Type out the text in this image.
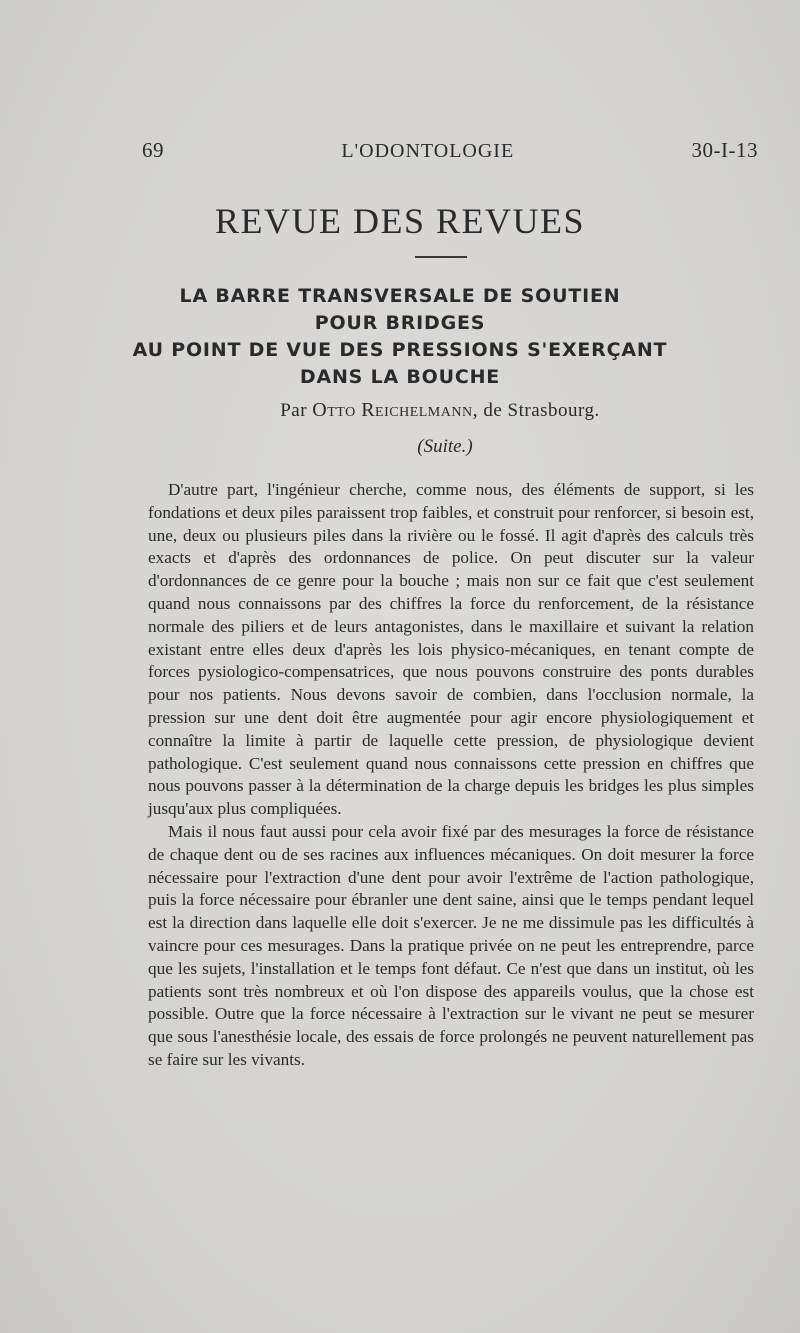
69	L'ODONTOLOGIE	30-I-13
REVUE DES REVUES
LA BARRE TRANSVERSALE DE SOUTIEN
POUR BRIDGES
AU POINT DE VUE DES PRESSIONS S'EXERÇANT
DANS LA BOUCHE
Par Otto Reichelmann, de Strasbourg.
(Suite.)

D'autre part, l'ingénieur cherche, comme nous, des éléments de support, si les fondations et deux piles paraissent trop faibles, et construit pour renforcer, si besoin est, une, deux ou plusieurs piles dans la rivière ou le fossé. Il agit d'après des calculs très exacts et d'après des ordonnances de police. On peut discuter sur la valeur d'ordonnances de ce genre pour la bouche ; mais non sur ce fait que c'est seulement quand nous connaissons par des chiffres la force du renforcement, de la résistance normale des piliers et de leurs antagonistes, dans le maxillaire et suivant la relation existant entre elles deux d'après les lois physico-mécaniques, en tenant compte de forces pysiologico-compensatrices, que nous pouvons construire des ponts durables pour nos patients. Nous devons savoir de combien, dans l'occlusion normale, la pression sur une dent doit être augmentée pour agir encore physiologiquement et connaître la limite à partir de laquelle cette pression, de physiologique devient pathologique. C'est seulement quand nous connaissons cette pression en chiffres que nous pouvons passer à la détermination de la charge depuis les bridges les plus simples jusqu'aux plus compliquées.

Mais il nous faut aussi pour cela avoir fixé par des mesurages la force de résistance de chaque dent ou de ses racines aux influences mécaniques. On doit mesurer la force nécessaire pour l'extraction d'une dent pour avoir l'extrême de l'action pathologique, puis la force nécessaire pour ébranler une dent saine, ainsi que le temps pendant lequel est la direction dans laquelle elle doit s'exercer. Je ne me dissimule pas les difficultés à vaincre pour ces mesurages. Dans la pratique privée on ne peut les entreprendre, parce que les sujets, l'installation et le temps font défaut. Ce n'est que dans un institut, où les patients sont très nombreux et où l'on dispose des appareils voulus, que la chose est possible. Outre que la force nécessaire à l'extraction sur le vivant ne peut se mesurer que sous l'anesthésie locale, des essais de force prolongés ne peuvent naturellement pas se faire sur les vivants.
